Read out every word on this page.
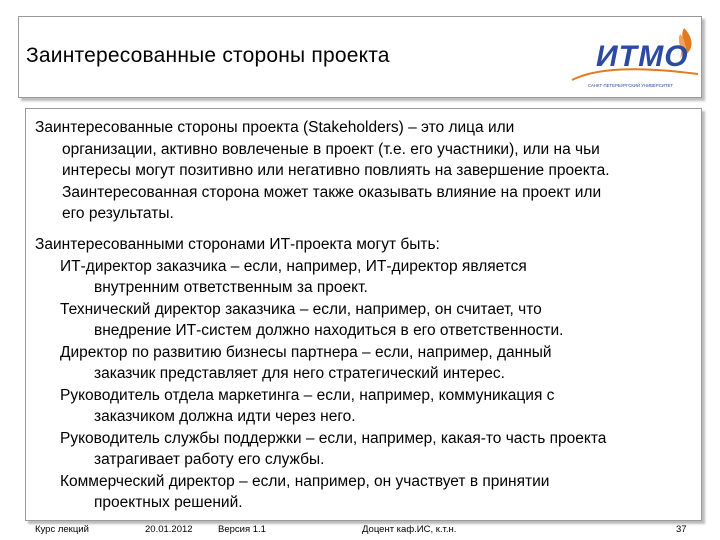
Заинтересованные стороны проекта	ИТМО
САНКТ-ПЕТЕРБУРГСКИЙ УНИВЕРСИТЕТ
Заинтересованные стороны проекта (Stakeholders) – это лица или
организации, активно вовлеченые в проект (т.е. его участники), или на чьи
интересы могут позитивно или негативно повлиять на завершение проекта.
Заинтересованная сторона может также оказывать влияние на проект или
его результаты.
Заинтересованными сторонами ИТ-проекта могут быть:
ИТ-директор заказчика – если, например, ИТ-директор является
внутренним ответственным за проект.
Технический директор заказчика – если, например, он считает, что
внедрение ИТ-систем должно находиться в его ответственности.
Директор по развитию бизнесы партнера – если, например, данный
заказчик представляет для него стратегический интерес.
Руководитель отдела маркетинга – если, например, коммуникация с
заказчиком должна идти через него.
Руководитель службы поддержки – если, например, какая-то часть проекта
затрагивает работу его службы.
Коммерческий директор – если, например, он участвует в принятии
проектных решений.
Курс лекций	20.01.2012	Версия 1.1	Доцент каф.ИС, к.т.н.	37
